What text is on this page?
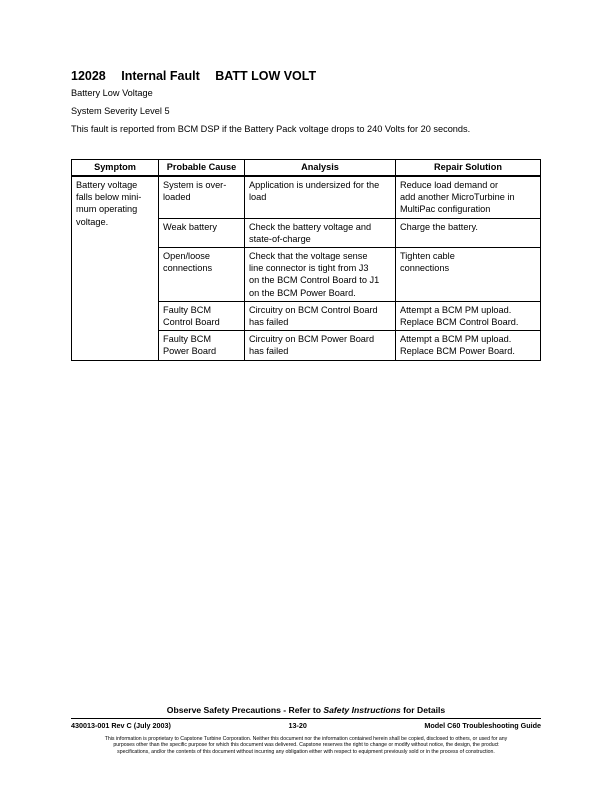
12028 Internal Fault BATT LOW VOLT
Battery Low Voltage
System Severity Level 5
This fault is reported from BCM DSP if the Battery Pack voltage drops to 240 Volts for 20 seconds.
Symptom	Probable Cause	Analysis	Repair Solution

Battery voltage
falls below mini-
mum operating
voltage.	System is over-
loaded	Application is undersized for the
load	Reduce load demand or
add another MicroTurbine in
MultiPac configuration

	Weak battery	Check the battery voltage and
state-of-charge	Charge the battery.

	Open/loose
connections	Check that the voltage sense
line connector is tight from J3
on the BCM Control Board to J1
on the BCM Power Board.	Tighten cable
connections

	Faulty BCM
Control Board	Circuitry on BCM Control Board
has failed	Attempt a BCM PM upload.
Replace BCM Control Board.

	Faulty BCM
Power Board	Circuitry on BCM Power Board
has failed	Attempt a BCM PM upload.
Replace BCM Power Board.
Observe Safety Precautions - Refer to Safety Instructions for Details
430013-001 Rev C (July 2003)	13-20	Model C60 Troubleshooting Guide
This information is proprietary to Capstone Turbine Corporation. Neither this document nor the information contained herein shall be copied, disclosed to others, or used for any
purposes other than the specific purpose for which this document was delivered. Capstone reserves the right to change or modify without notice, the design, the product
specifications, and/or the contents of this document without incurring any obligation either with respect to equipment previously sold or in the process of construction.
